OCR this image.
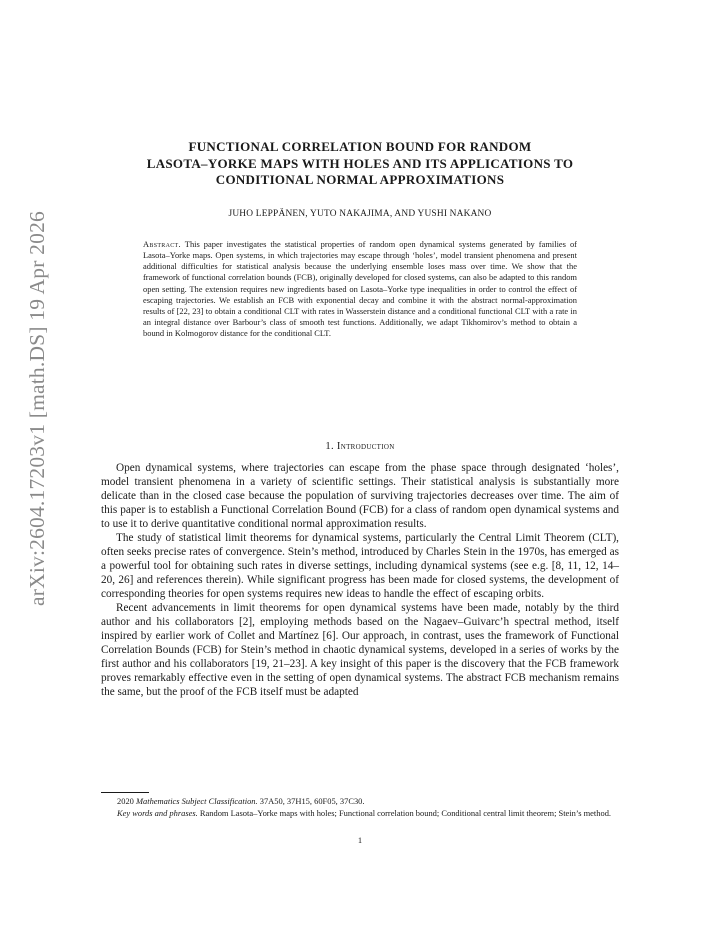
arXiv:2604.17203v1 [math.DS] 19 Apr 2026
FUNCTIONAL CORRELATION BOUND FOR RANDOM
LASOTA–YORKE MAPS WITH HOLES AND ITS APPLICATIONS TO
CONDITIONAL NORMAL APPROXIMATIONS
JUHO LEPPÄNEN, YUTO NAKAJIMA, AND YUSHI NAKANO
Abstract. This paper investigates the statistical properties of random open dynamical systems generated by families of Lasota–Yorke maps. Open systems, in which trajectories may escape through ‘holes’, model transient phenomena and present additional difficulties for statistical analysis because the underlying ensemble loses mass over time. We show that the framework of functional correlation bounds (FCB), originally developed for closed systems, can also be adapted to this random open setting. The extension requires new ingredients based on Lasota–Yorke type inequalities in order to control the effect of escaping trajectories. We establish an FCB with exponential decay and combine it with the abstract normal-approximation results of [22, 23] to obtain a conditional CLT with rates in Wasserstein distance and a conditional functional CLT with a rate in an integral distance over Barbour’s class of smooth test functions. Additionally, we adapt Tikhomirov’s method to obtain a bound in Kolmogorov distance for the conditional CLT.
1. Introduction

Open dynamical systems, where trajectories can escape from the phase space through designated ‘holes’, model transient phenomena in a variety of scientific settings. Their statistical analysis is substantially more delicate than in the closed case because the population of surviving trajectories decreases over time. The aim of this paper is to establish a Functional Correlation Bound (FCB) for a class of random open dynamical systems and to use it to derive quantitative conditional normal approximation results.

The study of statistical limit theorems for dynamical systems, particularly the Central Limit Theorem (CLT), often seeks precise rates of convergence. Stein’s method, introduced by Charles Stein in the 1970s, has emerged as a powerful tool for obtaining such rates in diverse settings, including dynamical systems (see e.g. [8, 11, 12, 14–20, 26] and references therein). While significant progress has been made for closed systems, the development of corresponding theories for open systems requires new ideas to handle the effect of escaping orbits.

Recent advancements in limit theorems for open dynamical systems have been made, notably by the third author and his collaborators [2], employing methods based on the Nagaev–Guivarc’h spectral method, itself inspired by earlier work of Collet and Martínez [6]. Our approach, in contrast, uses the framework of Functional Correlation Bounds (FCB) for Stein’s method in chaotic dynamical systems, developed in a series of works by the first author and his collaborators [19, 21–23]. A key insight of this paper is the discovery that the FCB framework proves remarkably effective even in the setting of open dynamical systems. The abstract FCB mechanism remains the same, but the proof of the FCB itself must be adapted

2020 Mathematics Subject Classification. 37A50, 37H15, 60F05, 37C30.

Key words and phrases. Random Lasota–Yorke maps with holes; Functional correlation bound; Conditional central limit theorem; Stein’s method.

1
